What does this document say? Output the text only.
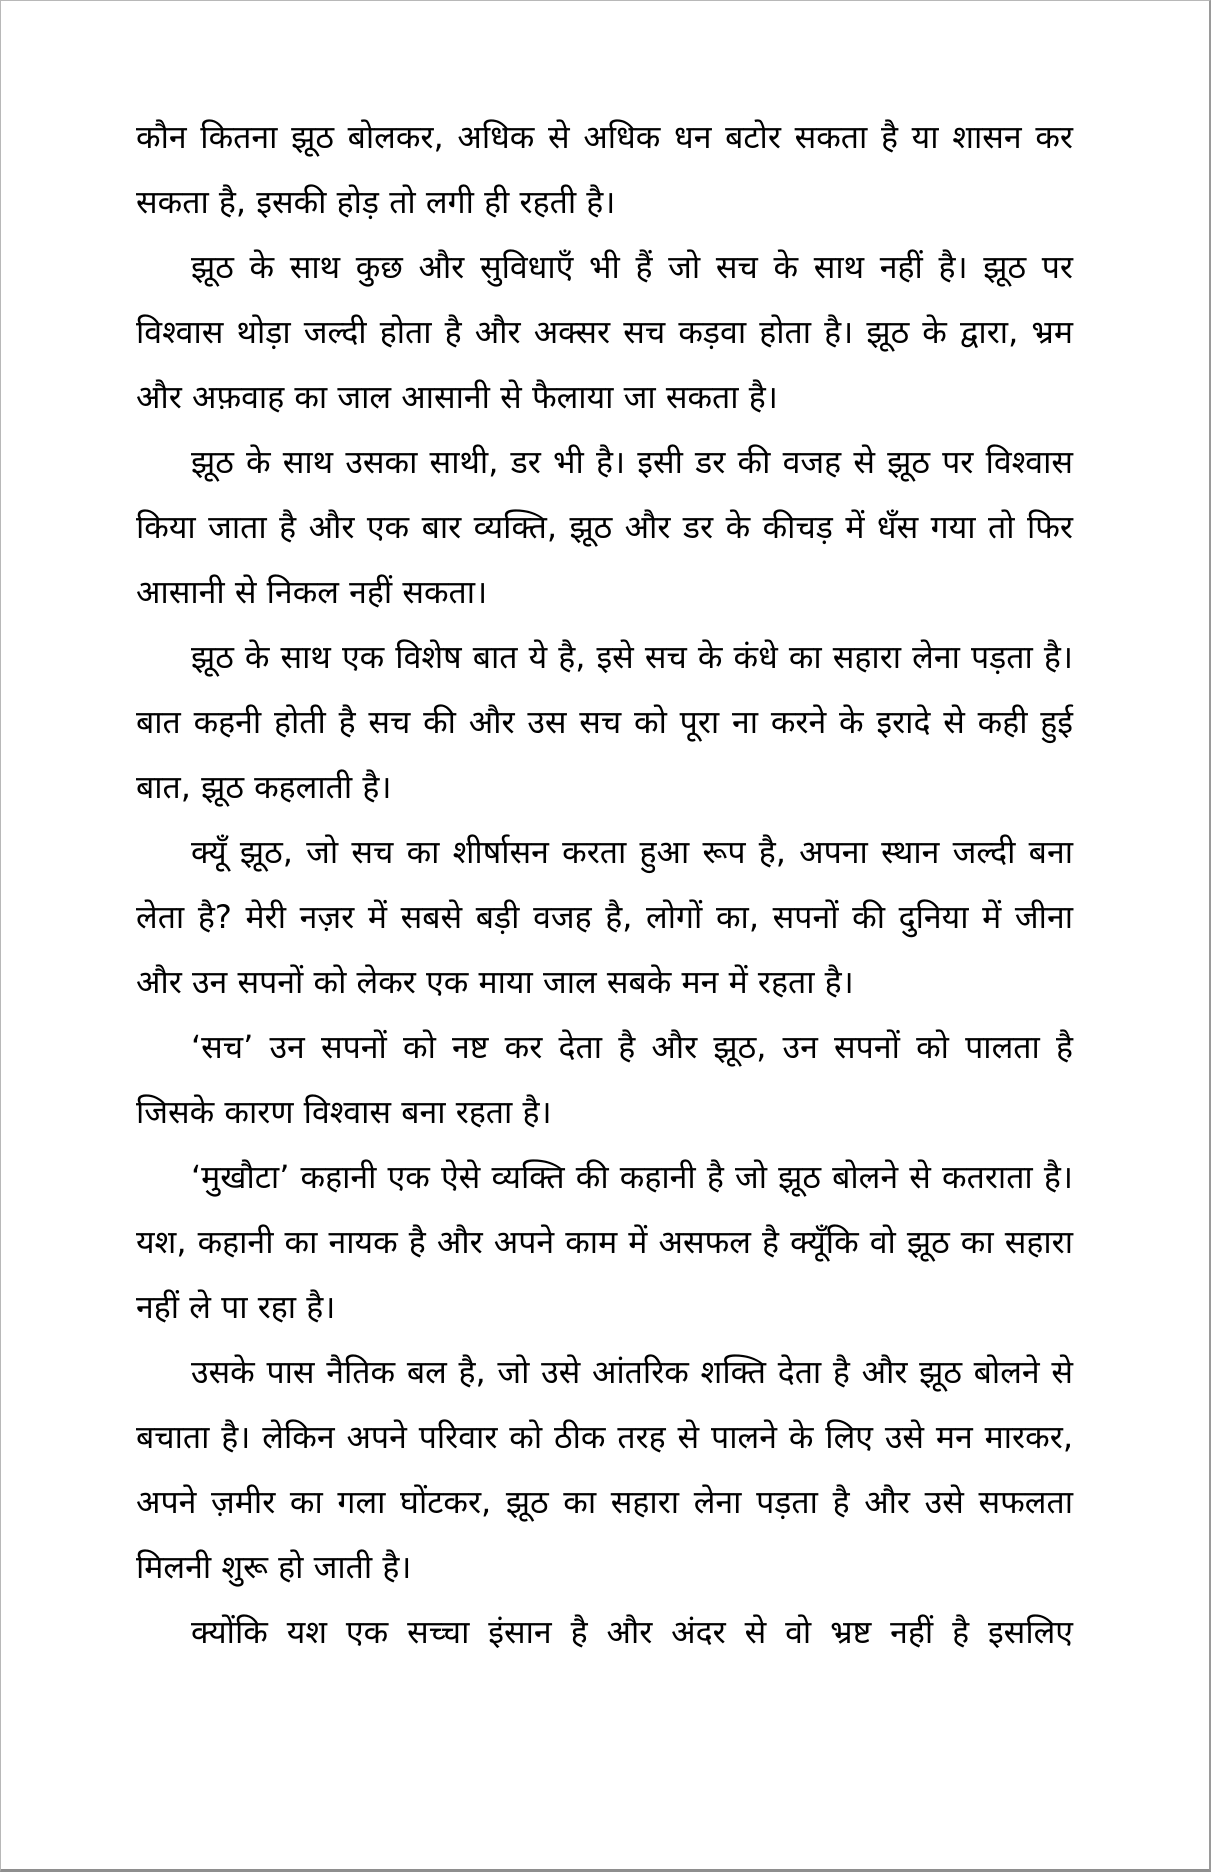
कौन कितना झूठ बोलकर, अधिक से अधिक धन बटोर सकता है या शासन कर
सकता है, इसकी होड़ तो लगी ही रहती है।
झूठ के साथ कुछ और सुविधाएँ भी हैं जो सच के साथ नहीं है। झूठ पर
विश्वास थोड़ा जल्दी होता है और अक्सर सच कड़वा होता है। झूठ के द्वारा, भ्रम
और अफ़वाह का जाल आसानी से फैलाया जा सकता है।
झूठ के साथ उसका साथी, डर भी है। इसी डर की वजह से झूठ पर विश्वास
किया जाता है और एक बार व्यक्ति, झूठ और डर के कीचड़ में धँस गया तो फिर
आसानी से निकल नहीं सकता।
झूठ के साथ एक विशेष बात ये है, इसे सच के कंधे का सहारा लेना पड़ता है।
बात कहनी होती है सच की और उस सच को पूरा ना करने के इरादे से कही हुई
बात, झूठ कहलाती है।
क्यूँ झूठ, जो सच का शीर्षासन करता हुआ रूप है, अपना स्थान जल्दी बना
लेता है? मेरी नज़र में सबसे बड़ी वजह है, लोगों का, सपनों की दुनिया में जीना
और उन सपनों को लेकर एक माया जाल सबके मन में रहता है।
‘सच’ उन सपनों को नष्ट कर देता है और झूठ, उन सपनों को पालता है
जिसके कारण विश्वास बना रहता है।
‘मुखौटा’ कहानी एक ऐसे व्यक्ति की कहानी है जो झूठ बोलने से कतराता है।
यश, कहानी का नायक है और अपने काम में असफल है क्यूँकि वो झूठ का सहारा
नहीं ले पा रहा है।
उसके पास नैतिक बल है, जो उसे आंतरिक शक्ति देता है और झूठ बोलने से
बचाता है। लेकिन अपने परिवार को ठीक तरह से पालने के लिए उसे मन मारकर,
अपने ज़मीर का गला घोंटकर, झूठ का सहारा लेना पड़ता है और उसे सफलता
मिलनी शुरू हो जाती है।
क्योंकि यश एक सच्चा इंसान है और अंदर से वो भ्रष्ट नहीं है इसलिए
